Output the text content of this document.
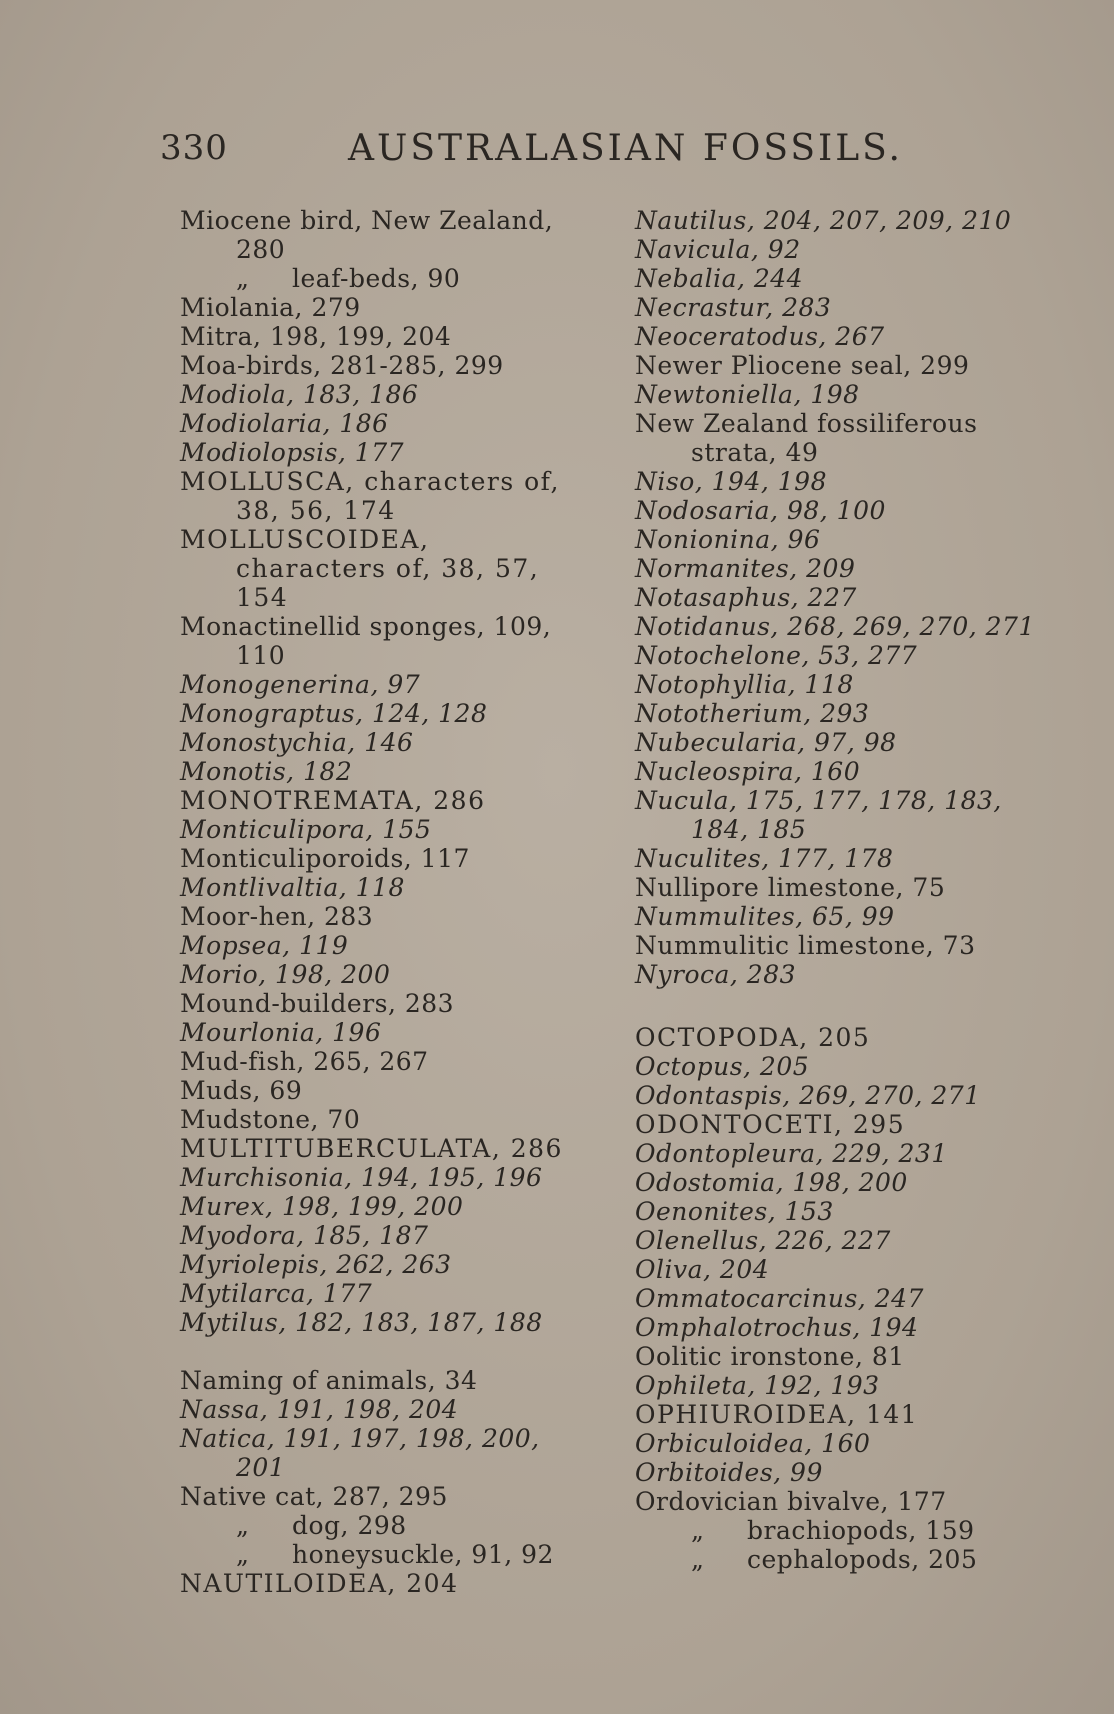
330	AUSTRALASIAN FOSSILS.
Miocene bird, New Zealand, 280
„ leaf-beds, 90
Miolania, 279
Mitra, 198, 199, 204
Moa-birds, 281-285, 299
Modiola, 183, 186
Modiolaria, 186
Modiolopsis, 177
MOLLUSCA, characters of, 38, 56, 174
MOLLUSCOIDEA, characters of, 38, 57, 154
Monactinellid sponges, 109, 110
Monogenerina, 97
Monograptus, 124, 128
Monostychia, 146
Monotis, 182
MONOTREMATA, 286
Monticulipora, 155
Monticuliporoids, 117
Montlivaltia, 118
Moor-hen, 283
Mopsea, 119
Morio, 198, 200
Mound-builders, 283
Mourlonia, 196
Mud-fish, 265, 267
Muds, 69
Mudstone, 70
MULTITUBERCULATA, 286
Murchisonia, 194, 195, 196
Murex, 198, 199, 200
Myodora, 185, 187
Myriolepis, 262, 263
Mytilarca, 177
Mytilus, 182, 183, 187, 188
Naming of animals, 34
Nassa, 191, 198, 204
Natica, 191, 197, 198, 200, 201
Native cat, 287, 295
„ dog, 298
„ honeysuckle, 91, 92
NAUTILOIDEA, 204
Nautilus, 204, 207, 209, 210
Navicula, 92
Nebalia, 244
Necrastur, 283
Neoceratodus, 267
Newer Pliocene seal, 299
Newtoniella, 198
New Zealand fossiliferous strata, 49
Niso, 194, 198
Nodosaria, 98, 100
Nonionina, 96
Normanites, 209
Notasaphus, 227
Notidanus, 268, 269, 270, 271
Notochelone, 53, 277
Notophyllia, 118
Nototherium, 293
Nubecularia, 97, 98
Nucleospira, 160
Nucula, 175, 177, 178, 183, 184, 185
Nuculites, 177, 178
Nullipore limestone, 75
Nummulites, 65, 99
Nummulitic limestone, 73
Nyroca, 283
OCTOPODA, 205
Octopus, 205
Odontaspis, 269, 270, 271
ODONTOCETI, 295
Odontopleura, 229, 231
Odostomia, 198, 200
Oenonites, 153
Olenellus, 226, 227
Oliva, 204
Ommatocarcinus, 247
Omphalotrochus, 194
Oolitic ironstone, 81
Ophileta, 192, 193
OPHIUROIDEA, 141
Orbiculoidea, 160
Orbitoides, 99
Ordovician bivalve, 177
„ brachiopods, 159
„ cephalopods, 205
